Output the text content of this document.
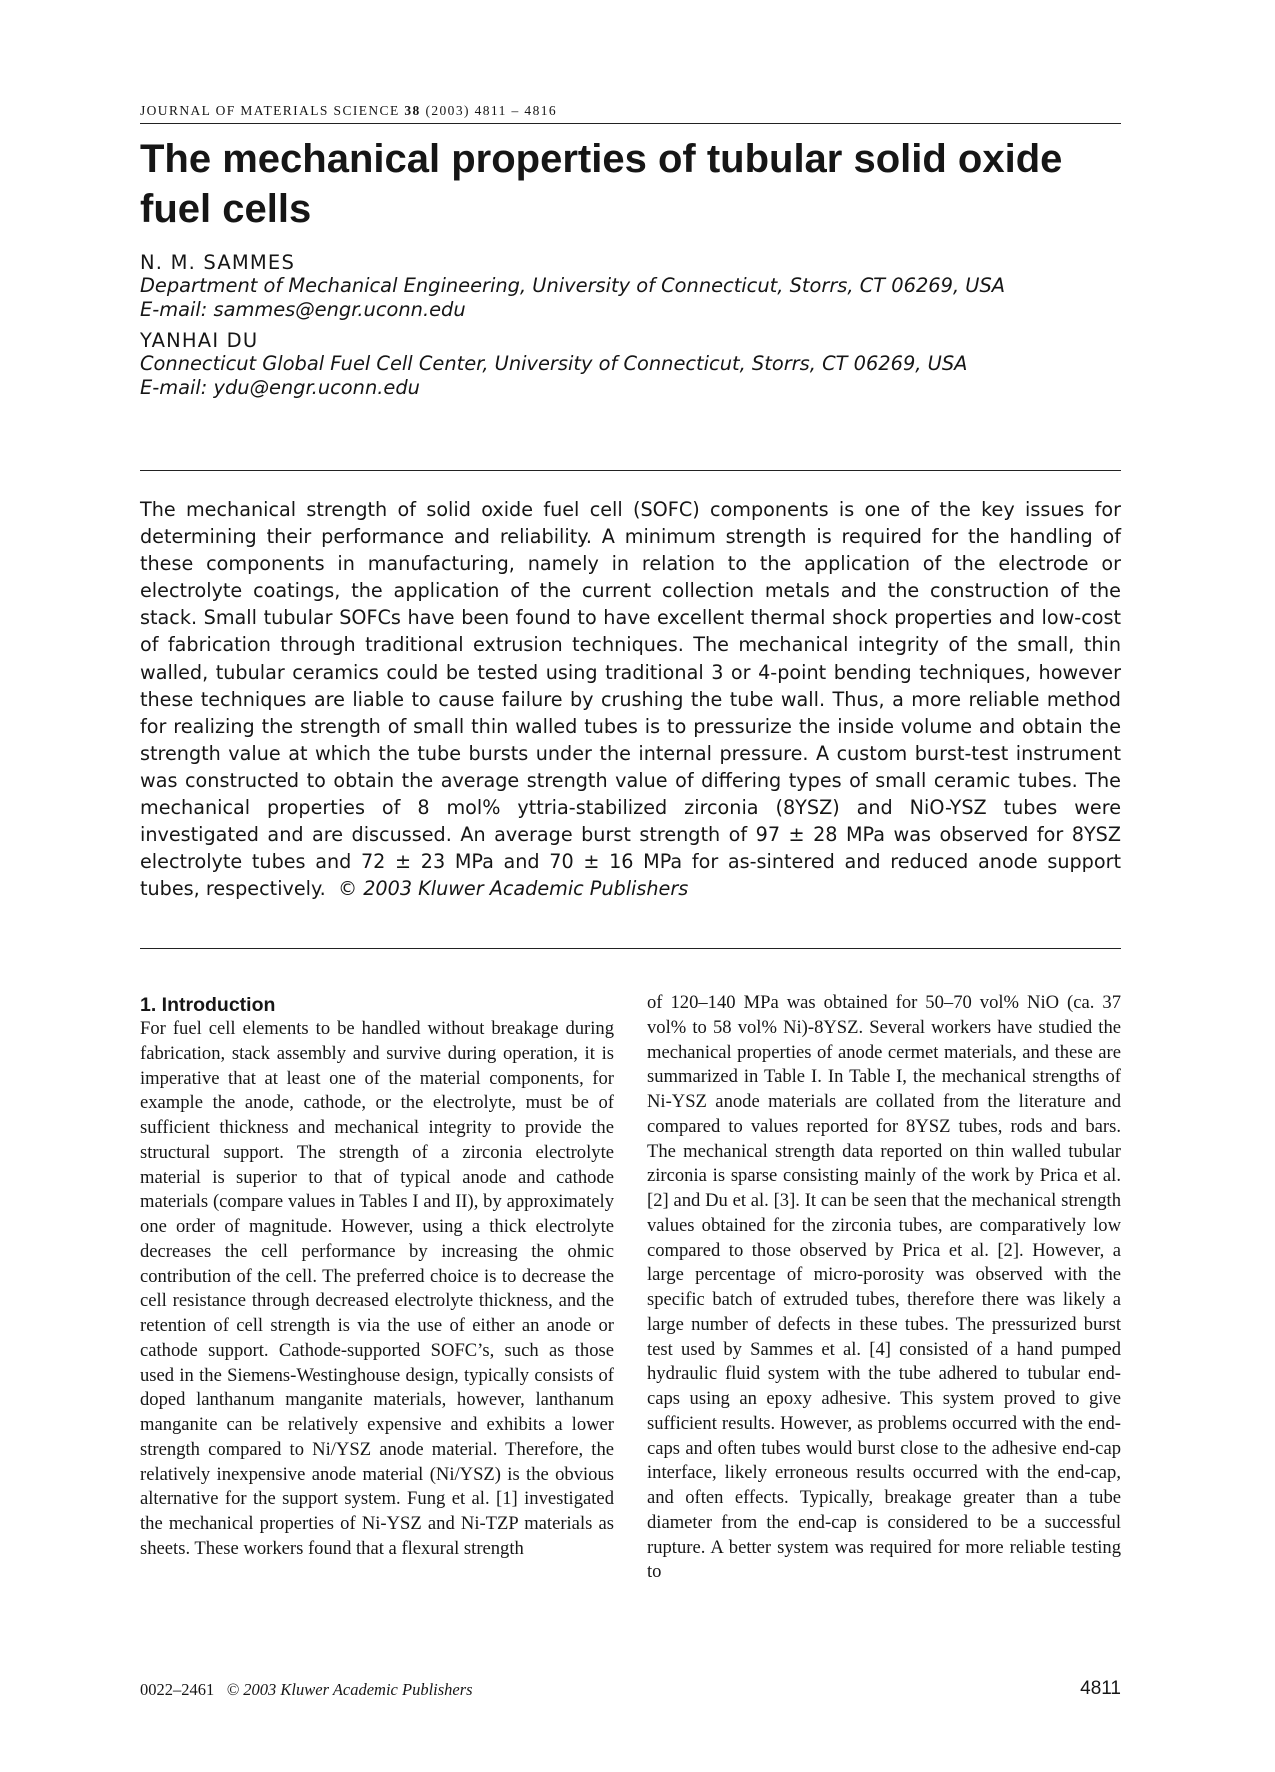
JOURNAL OF MATERIALS SCIENCE 38 (2003) 4811 – 4816
The mechanical properties of tubular solid oxide fuel cells
N. M. SAMMES
Department of Mechanical Engineering, University of Connecticut, Storrs, CT 06269, USA
E-mail: sammes@engr.uconn.edu
YANHAI DU
Connecticut Global Fuel Cell Center, University of Connecticut, Storrs, CT 06269, USA
E-mail: ydu@engr.uconn.edu

The mechanical strength of solid oxide fuel cell (SOFC) components is one of the key issues for determining their performance and reliability. A minimum strength is required for the handling of these components in manufacturing, namely in relation to the application of the electrode or electrolyte coatings, the application of the current collection metals and the construction of the stack. Small tubular SOFCs have been found to have excellent thermal shock properties and low-cost of fabrication through traditional extrusion techniques. The mechanical integrity of the small, thin walled, tubular ceramics could be tested using traditional 3 or 4-point bending techniques, however these techniques are liable to cause failure by crushing the tube wall. Thus, a more reliable method for realizing the strength of small thin walled tubes is to pressurize the inside volume and obtain the strength value at which the tube bursts under the internal pressure. A custom burst-test instrument was constructed to obtain the average strength value of differing types of small ceramic tubes. The mechanical properties of 8 mol% yttria-stabilized zirconia (8YSZ) and NiO-YSZ tubes were investigated and are discussed. An average burst strength of 97 ± 28 MPa was observed for 8YSZ electrolyte tubes and 72 ± 23 MPa and 70 ± 16 MPa for as-sintered and reduced anode support tubes, respectively. © 2003 Kluwer Academic Publishers

1. Introduction

For fuel cell elements to be handled without breakage during fabrication, stack assembly and survive during operation, it is imperative that at least one of the material components, for example the anode, cathode, or the electrolyte, must be of sufficient thickness and mechanical integrity to provide the structural support. The strength of a zirconia electrolyte material is superior to that of typical anode and cathode materials (compare values in Tables I and II), by approximately one order of magnitude. However, using a thick electrolyte decreases the cell performance by increasing the ohmic contribution of the cell. The preferred choice is to decrease the cell resistance through decreased electrolyte thickness, and the retention of cell strength is via the use of either an anode or cathode support. Cathode-supported SOFC’s, such as those used in the Siemens-Westinghouse design, typically consists of doped lanthanum manganite materials, however, lanthanum manganite can be relatively expensive and exhibits a lower strength compared to Ni/YSZ anode material. Therefore, the relatively inexpensive anode material (Ni/YSZ) is the obvious alternative for the support system. Fung et al. [1] investigated the mechanical properties of Ni-YSZ and Ni-TZP materials as sheets. These workers found that a flexural strength

of 120–140 MPa was obtained for 50–70 vol% NiO (ca. 37 vol% to 58 vol% Ni)-8YSZ. Several workers have studied the mechanical properties of anode cermet materials, and these are summarized in Table I. In Table I, the mechanical strengths of Ni-YSZ anode materials are collated from the literature and compared to values reported for 8YSZ tubes, rods and bars. The mechanical strength data reported on thin walled tubular zirconia is sparse consisting mainly of the work by Prica et al. [2] and Du et al. [3]. It can be seen that the mechanical strength values obtained for the zirconia tubes, are comparatively low compared to those observed by Prica et al. [2]. However, a large percentage of micro-porosity was observed with the specific batch of extruded tubes, therefore there was likely a large number of defects in these tubes. The pressurized burst test used by Sammes et al. [4] consisted of a hand pumped hydraulic fluid system with the tube adhered to tubular end-caps using an epoxy adhesive. This system proved to give sufficient results. However, as problems occurred with the end-caps and often tubes would burst close to the adhesive end-cap interface, likely erroneous results occurred with the end-cap, and often effects. Typically, breakage greater than a tube diameter from the end-cap is considered to be a successful rupture. A better system was required for more reliable testing to

0022–2461 © 2003 Kluwer Academic Publishers	4811
